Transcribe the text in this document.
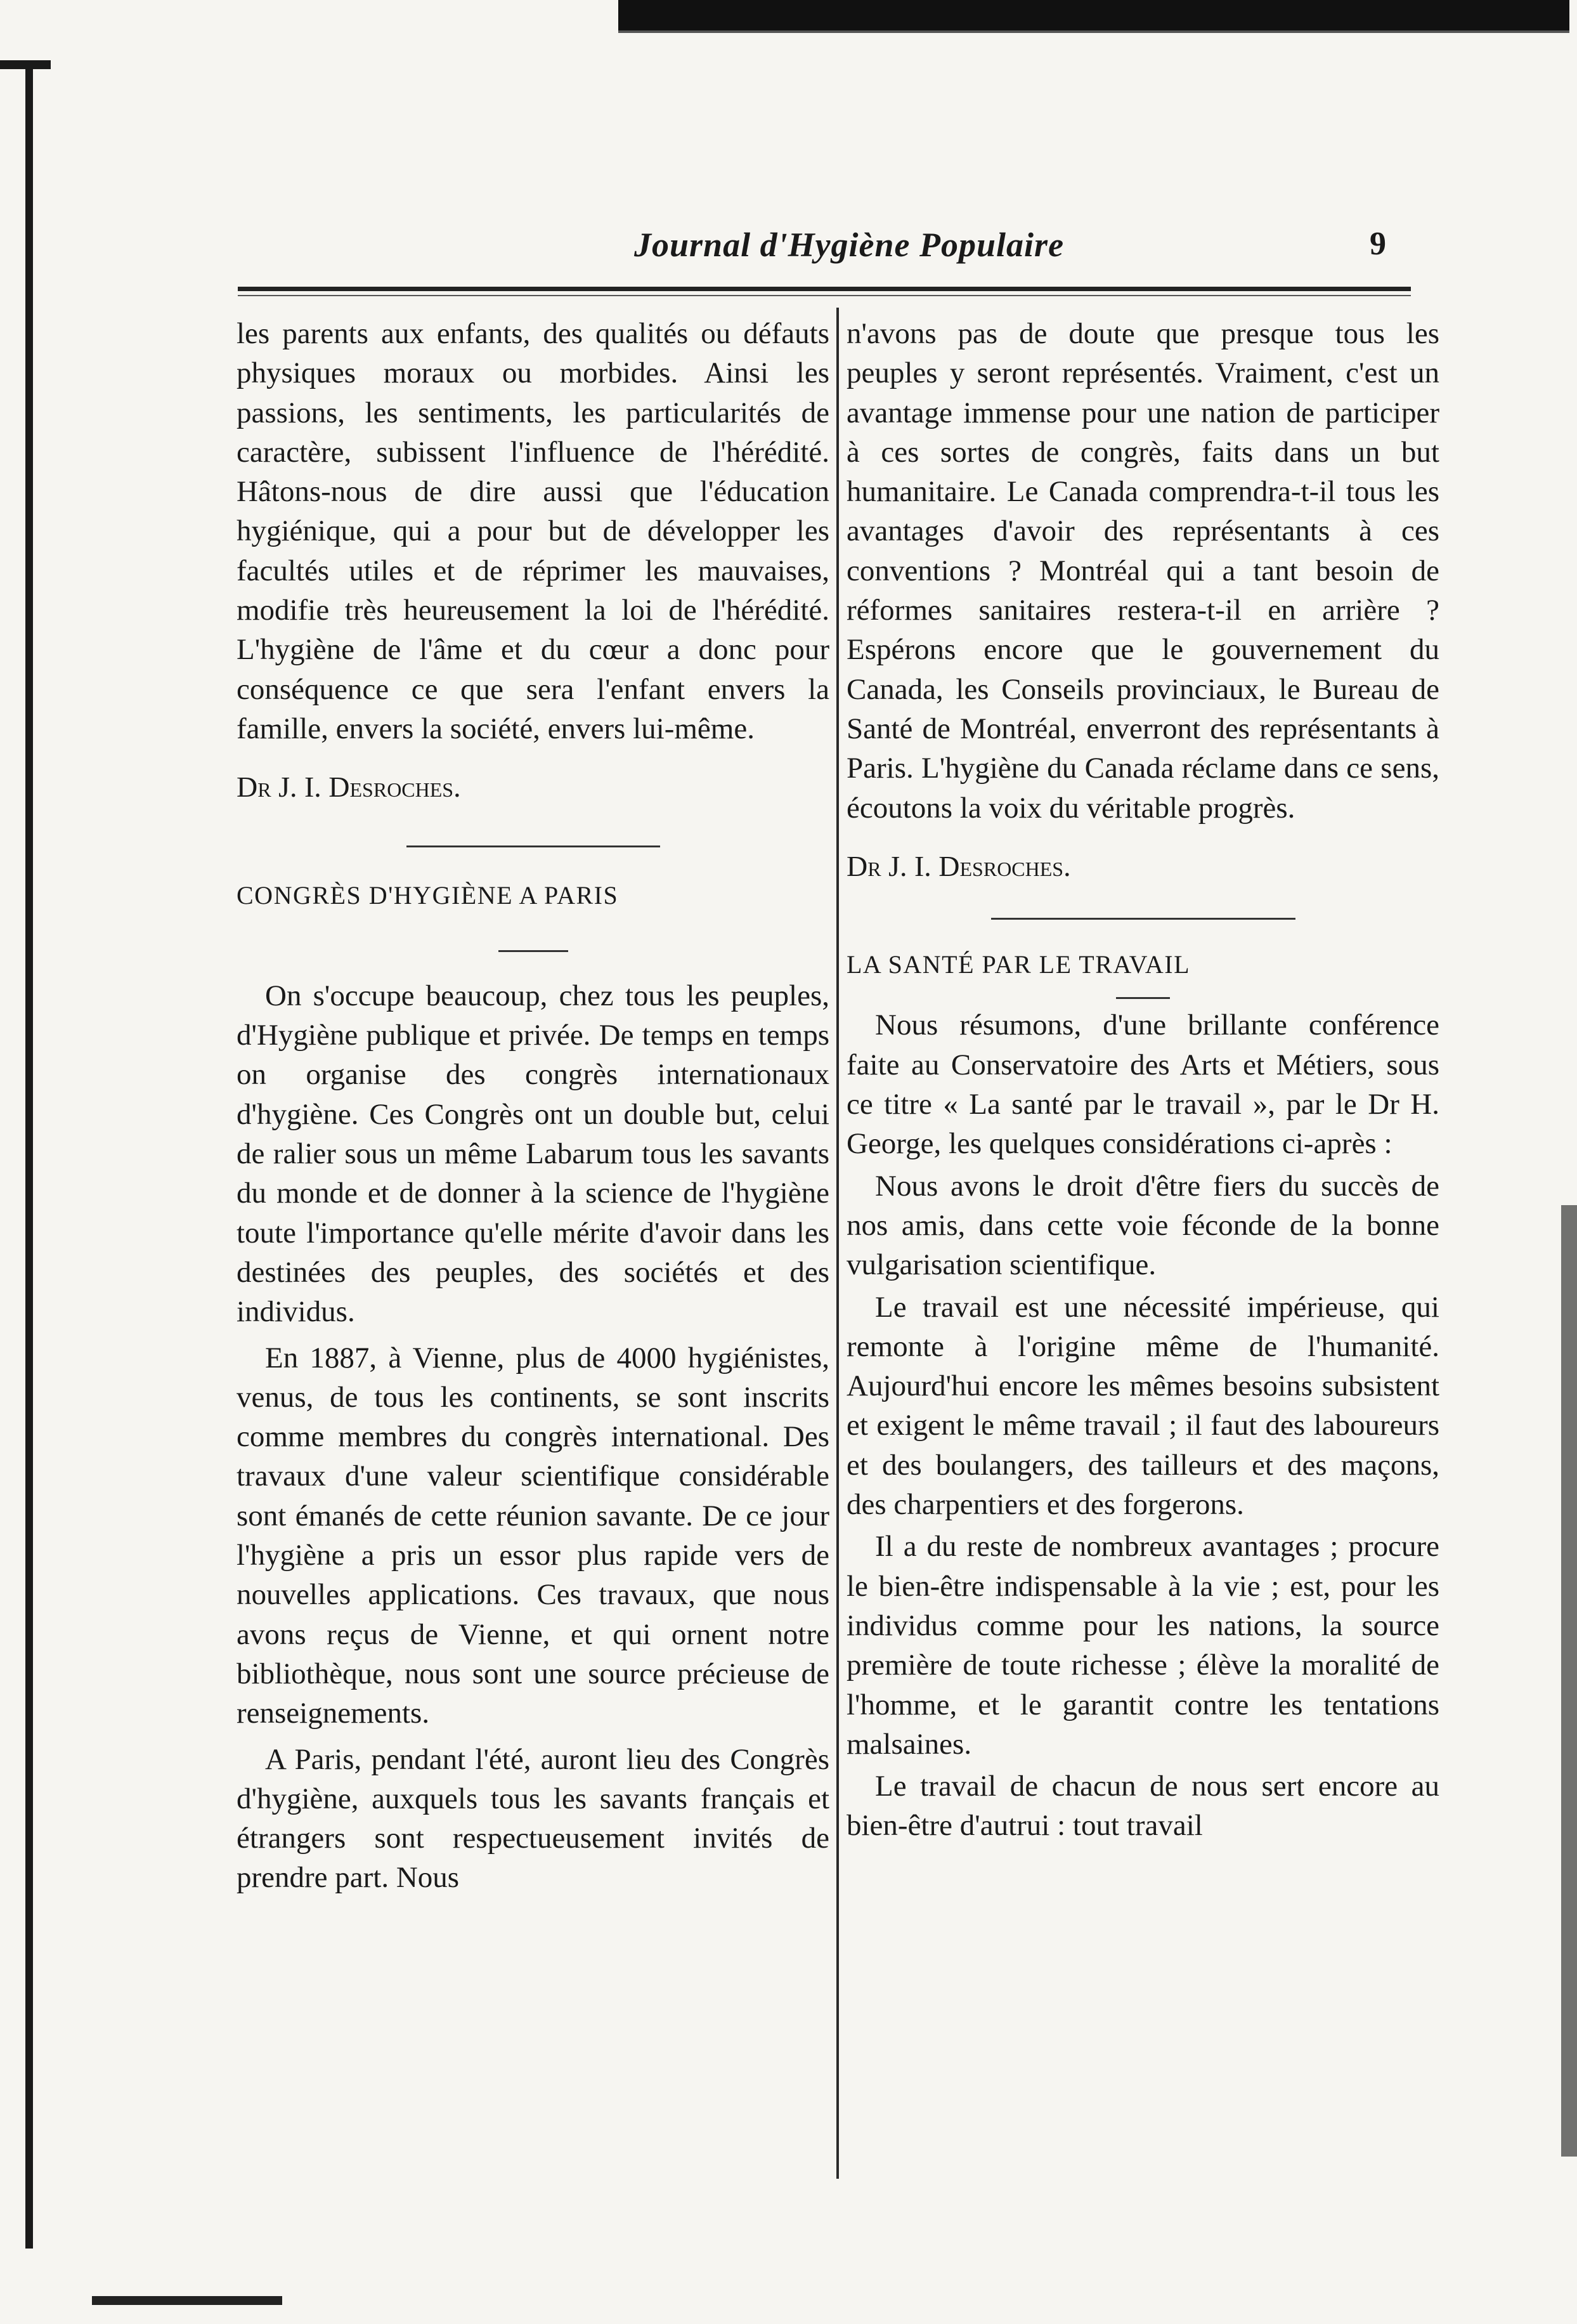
Journal d'Hygiène Populaire	9

les parents aux enfants, des qualités ou défauts physiques moraux ou morbides. Ainsi les passions, les sentiments, les particularités de caractère, subissent l'influence de l'hérédité. Hâtons-nous de dire aussi que l'éducation hygiénique, qui a pour but de développer les facultés utiles et de réprimer les mauvaises, modifie très heureusement la loi de l'hérédité. L'hygiène de l'âme et du cœur a donc pour conséquence ce que sera l'enfant envers la famille, envers la société, envers lui-même.

Dr J. I. Desroches.

CONGRÈS D'HYGIÈNE A PARIS

On s'occupe beaucoup, chez tous les peuples, d'Hygiène publique et privée. De temps en temps on organise des congrès internationaux d'hygiène. Ces Congrès ont un double but, celui de ralier sous un même Labarum tous les savants du monde et de donner à la science de l'hygiène toute l'importance qu'elle mérite d'avoir dans les destinées des peuples, des sociétés et des individus.

En 1887, à Vienne, plus de 4000 hygiénistes, venus, de tous les continents, se sont inscrits comme membres du congrès international. Des travaux d'une valeur scientifique considérable sont émanés de cette réunion savante. De ce jour l'hygiène a pris un essor plus rapide vers de nouvelles applications. Ces travaux, que nous avons reçus de Vienne, et qui ornent notre bibliothèque, nous sont une source précieuse de renseignements.

A Paris, pendant l'été, auront lieu des Congrès d'hygiène, auxquels tous les savants français et étrangers sont respectueusement invités de prendre part. Nous

n'avons pas de doute que presque tous les peuples y seront représentés. Vraiment, c'est un avantage immense pour une nation de participer à ces sortes de congrès, faits dans un but humanitaire. Le Canada comprendra-t-il tous les avantages d'avoir des représentants à ces conventions ? Montréal qui a tant besoin de réformes sanitaires restera-t-il en arrière ? Espérons encore que le gouvernement du Canada, les Conseils provinciaux, le Bureau de Santé de Montréal, enverront des représentants à Paris. L'hygiène du Canada réclame dans ce sens, écoutons la voix du véritable progrès.

Dr J. I. Desroches.

LA SANTÉ PAR LE TRAVAIL

Nous résumons, d'une brillante conférence faite au Conservatoire des Arts et Métiers, sous ce titre « La santé par le travail », par le Dr H. George, les quelques considérations ci-après :

Nous avons le droit d'être fiers du succès de nos amis, dans cette voie féconde de la bonne vulgarisation scientifique.

Le travail est une nécessité impérieuse, qui remonte à l'origine même de l'humanité. Aujourd'hui encore les mêmes besoins subsistent et exigent le même travail ; il faut des laboureurs et des boulangers, des tailleurs et des maçons, des charpentiers et des forgerons.

Il a du reste de nombreux avantages ; procure le bien-être indispensable à la vie ; est, pour les individus comme pour les nations, la source première de toute richesse ; élève la moralité de l'homme, et le garantit contre les tentations malsaines.

Le travail de chacun de nous sert encore au bien-être d'autrui : tout travail
